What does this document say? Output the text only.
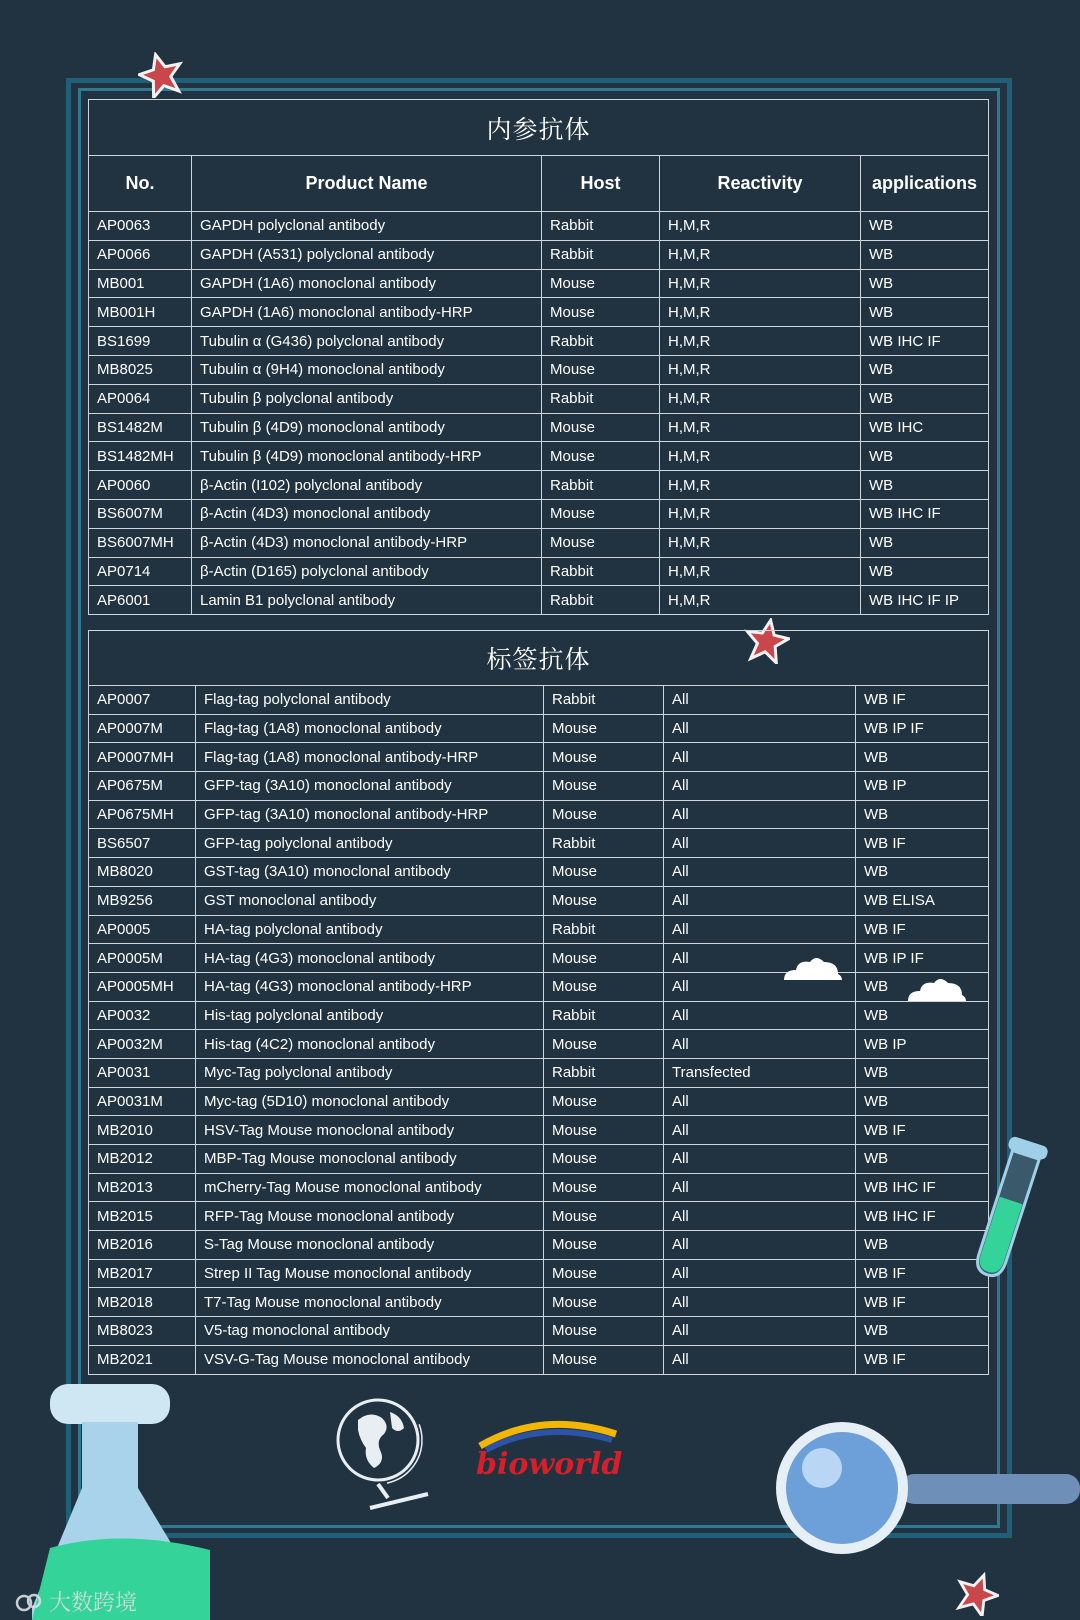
内参抗体				
No.	Product Name	Host	Reactivity	applications
AP0063	GAPDH polyclonal antibody	Rabbit	H,M,R	WB
AP0066	GAPDH (A531) polyclonal antibody	Rabbit	H,M,R	WB
MB001	GAPDH (1A6) monoclonal antibody	Mouse	H,M,R	WB
MB001H	GAPDH (1A6) monoclonal antibody-HRP	Mouse	H,M,R	WB
BS1699	Tubulin α (G436) polyclonal antibody	Rabbit	H,M,R	WB IHC IF
MB8025	Tubulin α (9H4) monoclonal antibody	Mouse	H,M,R	WB
AP0064	Tubulin β polyclonal antibody	Rabbit	H,M,R	WB
BS1482M	Tubulin β (4D9) monoclonal antibody	Mouse	H,M,R	WB IHC
BS1482MH	Tubulin β (4D9) monoclonal antibody-HRP	Mouse	H,M,R	WB
AP0060	β-Actin (I102) polyclonal antibody	Rabbit	H,M,R	WB
BS6007M	β-Actin (4D3) monoclonal antibody	Mouse	H,M,R	WB IHC IF
BS6007MH	β-Actin (4D3) monoclonal antibody-HRP	Mouse	H,M,R	WB
AP0714	β-Actin (D165) polyclonal antibody	Rabbit	H,M,R	WB
AP6001	Lamin B1 polyclonal antibody	Rabbit	H,M,R	WB IHC IF IP
标签抗体				
AP0007	Flag-tag polyclonal antibody	Rabbit	All	WB IF
AP0007M	Flag-tag (1A8) monoclonal antibody	Mouse	All	WB IP IF
AP0007MH	Flag-tag (1A8) monoclonal antibody-HRP	Mouse	All	WB
AP0675M	GFP-tag (3A10) monoclonal antibody	Mouse	All	WB IP
AP0675MH	GFP-tag (3A10) monoclonal antibody-HRP	Mouse	All	WB
BS6507	GFP-tag polyclonal antibody	Rabbit	All	WB IF
MB8020	GST-tag (3A10) monoclonal antibody	Mouse	All	WB
MB9256	GST monoclonal antibody	Mouse	All	WB ELISA
AP0005	HA-tag polyclonal antibody	Rabbit	All	WB IF
AP0005M	HA-tag (4G3) monoclonal antibody	Mouse	All	WB IP IF
AP0005MH	HA-tag (4G3) monoclonal antibody-HRP	Mouse	All	WB
AP0032	His-tag polyclonal antibody	Rabbit	All	WB
AP0032M	His-tag (4C2) monoclonal antibody	Mouse	All	WB IP
AP0031	Myc-Tag polyclonal antibody	Rabbit	Transfected	WB
AP0031M	Myc-tag (5D10) monoclonal antibody	Mouse	All	WB
MB2010	HSV-Tag Mouse monoclonal antibody	Mouse	All	WB IF
MB2012	MBP-Tag Mouse monoclonal antibody	Mouse	All	WB
MB2013	mCherry-Tag Mouse monoclonal antibody	Mouse	All	WB IHC IF
MB2015	RFP-Tag Mouse monoclonal antibody	Mouse	All	WB IHC IF
MB2016	S-Tag Mouse monoclonal antibody	Mouse	All	WB
MB2017	Strep II Tag Mouse monoclonal antibody	Mouse	All	WB IF
MB2018	T7-Tag Mouse monoclonal antibody	Mouse	All	WB IF
MB8023	V5-tag monoclonal antibody	Mouse	All	WB
MB2021	VSV-G-Tag Mouse monoclonal antibody	Mouse	All	WB IF
bioworld
大数跨境
